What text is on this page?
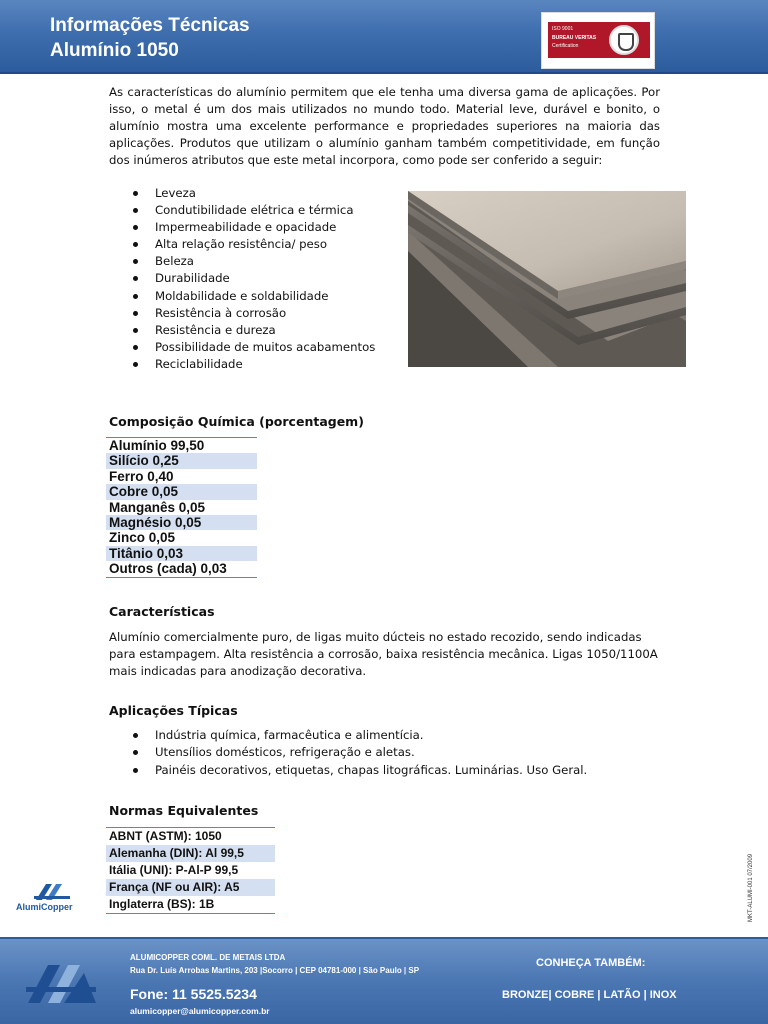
Informações Técnicas
Alumínio 1050
ISO 9001
BUREAU VERITAS
Certification

As características do alumínio permitem que ele tenha uma diversa gama de aplicações. Por isso, o metal é um dos mais utilizados no mundo todo. Material leve, durável e bonito, o alumínio mostra uma excelente performance e propriedades superiores na maioria das aplicações. Produtos que utilizam o alumínio ganham também competitividade, em função dos inúmeros atributos que este metal incorpora, como pode ser conferido a seguir:

Leveza
Condutibilidade elétrica e térmica
Impermeabilidade e opacidade
Alta relação resistência/ peso
Beleza
Durabilidade
Moldabilidade e soldabilidade
Resistência à corrosão
Resistência e dureza
Possibilidade de muitos acabamentos
Reciclabilidade
Composição Química (porcentagem)
Alumínio 99,50
Silício 0,25
Ferro 0,40
Cobre 0,05
Manganês 0,05
Magnésio 0,05
Zinco 0,05
Titânio 0,03
Outros (cada) 0,03
Características

Alumínio comercialmente puro, de ligas muito dúcteis no estado recozido, sendo indicadas para estampagem. Alta resistência a corrosão, baixa resistência mecânica. Ligas 1050/1100A mais indicadas para anodização decorativa.

Aplicações Típicas
Indústria química, farmacêutica e alimentícia.
Utensílios domésticos, refrigeração e aletas.
Painéis decorativos, etiquetas, chapas litográficas. Luminárias. Uso Geral.
Normas Equivalentes
ABNT (ASTM): 1050
Alemanha (DIN): Al 99,5
Itália (UNI): P-Al-P 99,5
França (NF ou AIR): A5
Inglaterra (BS): 1B
AlumiCopper	MKT-ALUMI-001 07/2009
ALUMICOPPER COML. DE METAIS LTDA
Rua Dr. Luís Arrobas Martins, 203 |Socorro | CEP 04781-000 | São Paulo | SP
Fone: 11 5525.5234
alumicopper@alumicopper.com.br
CONHEÇA TAMBÉM:
BRONZE| COBRE | LATÃO | INOX
